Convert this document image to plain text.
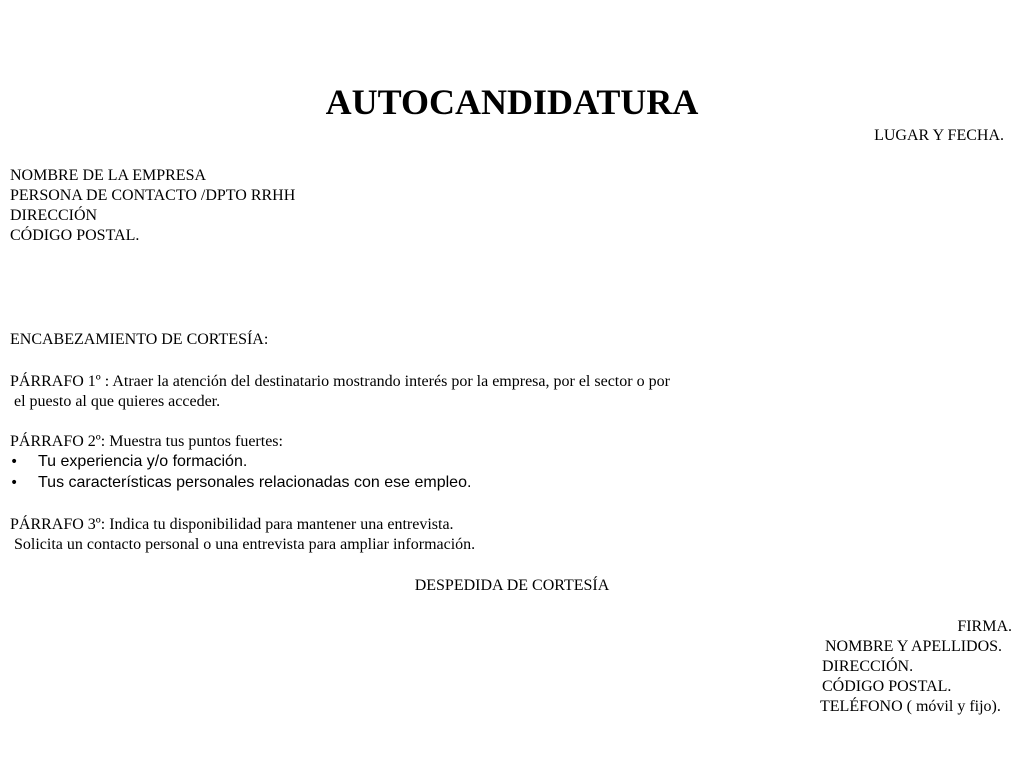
AUTOCANDIDATURA
LUGAR Y FECHA.
NOMBRE DE LA EMPRESA
PERSONA DE CONTACTO /DPTO RRHH
DIRECCIÓN
CÓDIGO POSTAL.
ENCABEZAMIENTO DE CORTESÍA:
PÁRRAFO 1º : Atraer la atención del destinatario mostrando interés por la empresa, por el sector o por
el puesto al que quieres acceder.
PÁRRAFO 2º: Muestra tus puntos fuertes:
• Tu experiencia y/o formación.
• Tus características personales relacionadas con ese empleo.
PÁRRAFO 3º: Indica tu disponibilidad para mantener una entrevista.
Solicita un contacto personal o una entrevista para ampliar información.
DESPEDIDA DE CORTESÍA
FIRMA.
NOMBRE Y APELLIDOS.
DIRECCIÓN.
CÓDIGO POSTAL.
TELÉFONO ( móvil y fijo).
